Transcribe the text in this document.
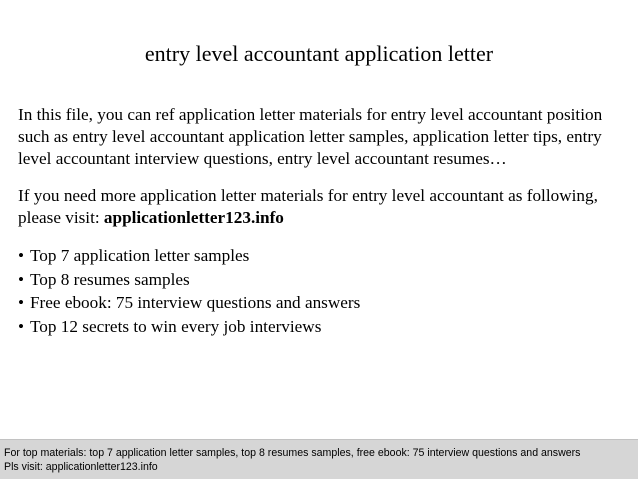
entry level accountant application letter

In this file, you can ref application letter materials for entry level accountant position
such as entry level accountant application letter samples, application letter tips, entry
level accountant interview questions, entry level accountant resumes…

If you need more application letter materials for entry level accountant as following,
please visit: applicationletter123.info

• Top 7 application letter samples
• Top 8 resumes samples
• Free ebook: 75 interview questions and answers
• Top 12 secrets to win every job interviews
For top materials: top 7 application letter samples, top 8 resumes samples, free ebook: 75 interview questions and answers
Pls visit: applicationletter123.info
